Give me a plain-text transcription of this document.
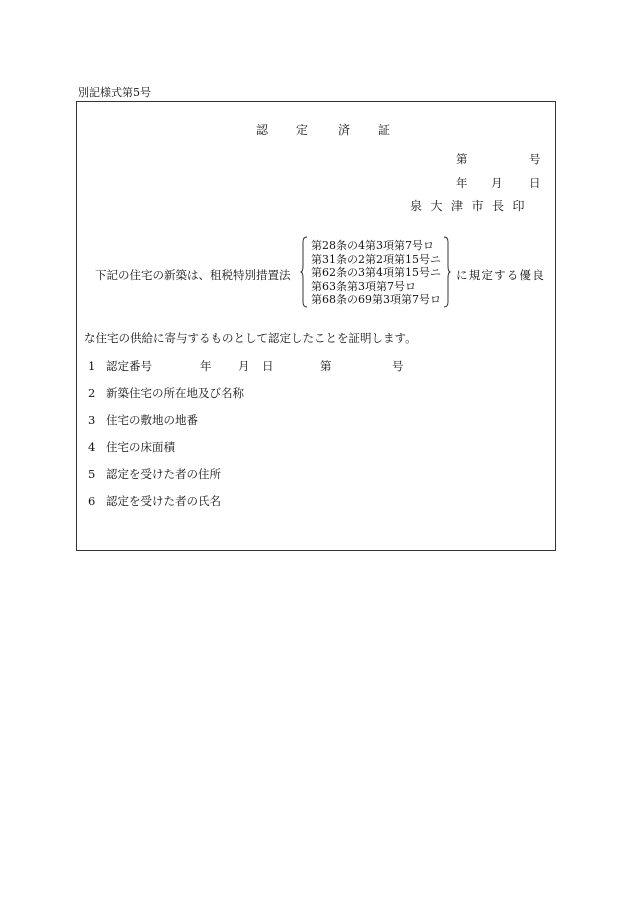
別記様式第5号
認 定 済 証
第	号
年 月 日
泉 大 津 市 長 印
下記の住宅の新築は、租税特別措置法
第28条の4第3項第7号ロ
第31条の2第2項第15号ニ
第62条の3第4項第15号ニ
第63条第3項第7号ロ
第68条の69第3項第7号ロ
に規定する優良
な住宅の供給に寄与するものとして認定したことを証明します。
1 認定番号	年 月 日	第	号
2 新築住宅の所在地及び名称
3 住宅の敷地の地番
4 住宅の床面積
5 認定を受けた者の住所
6 認定を受けた者の氏名
